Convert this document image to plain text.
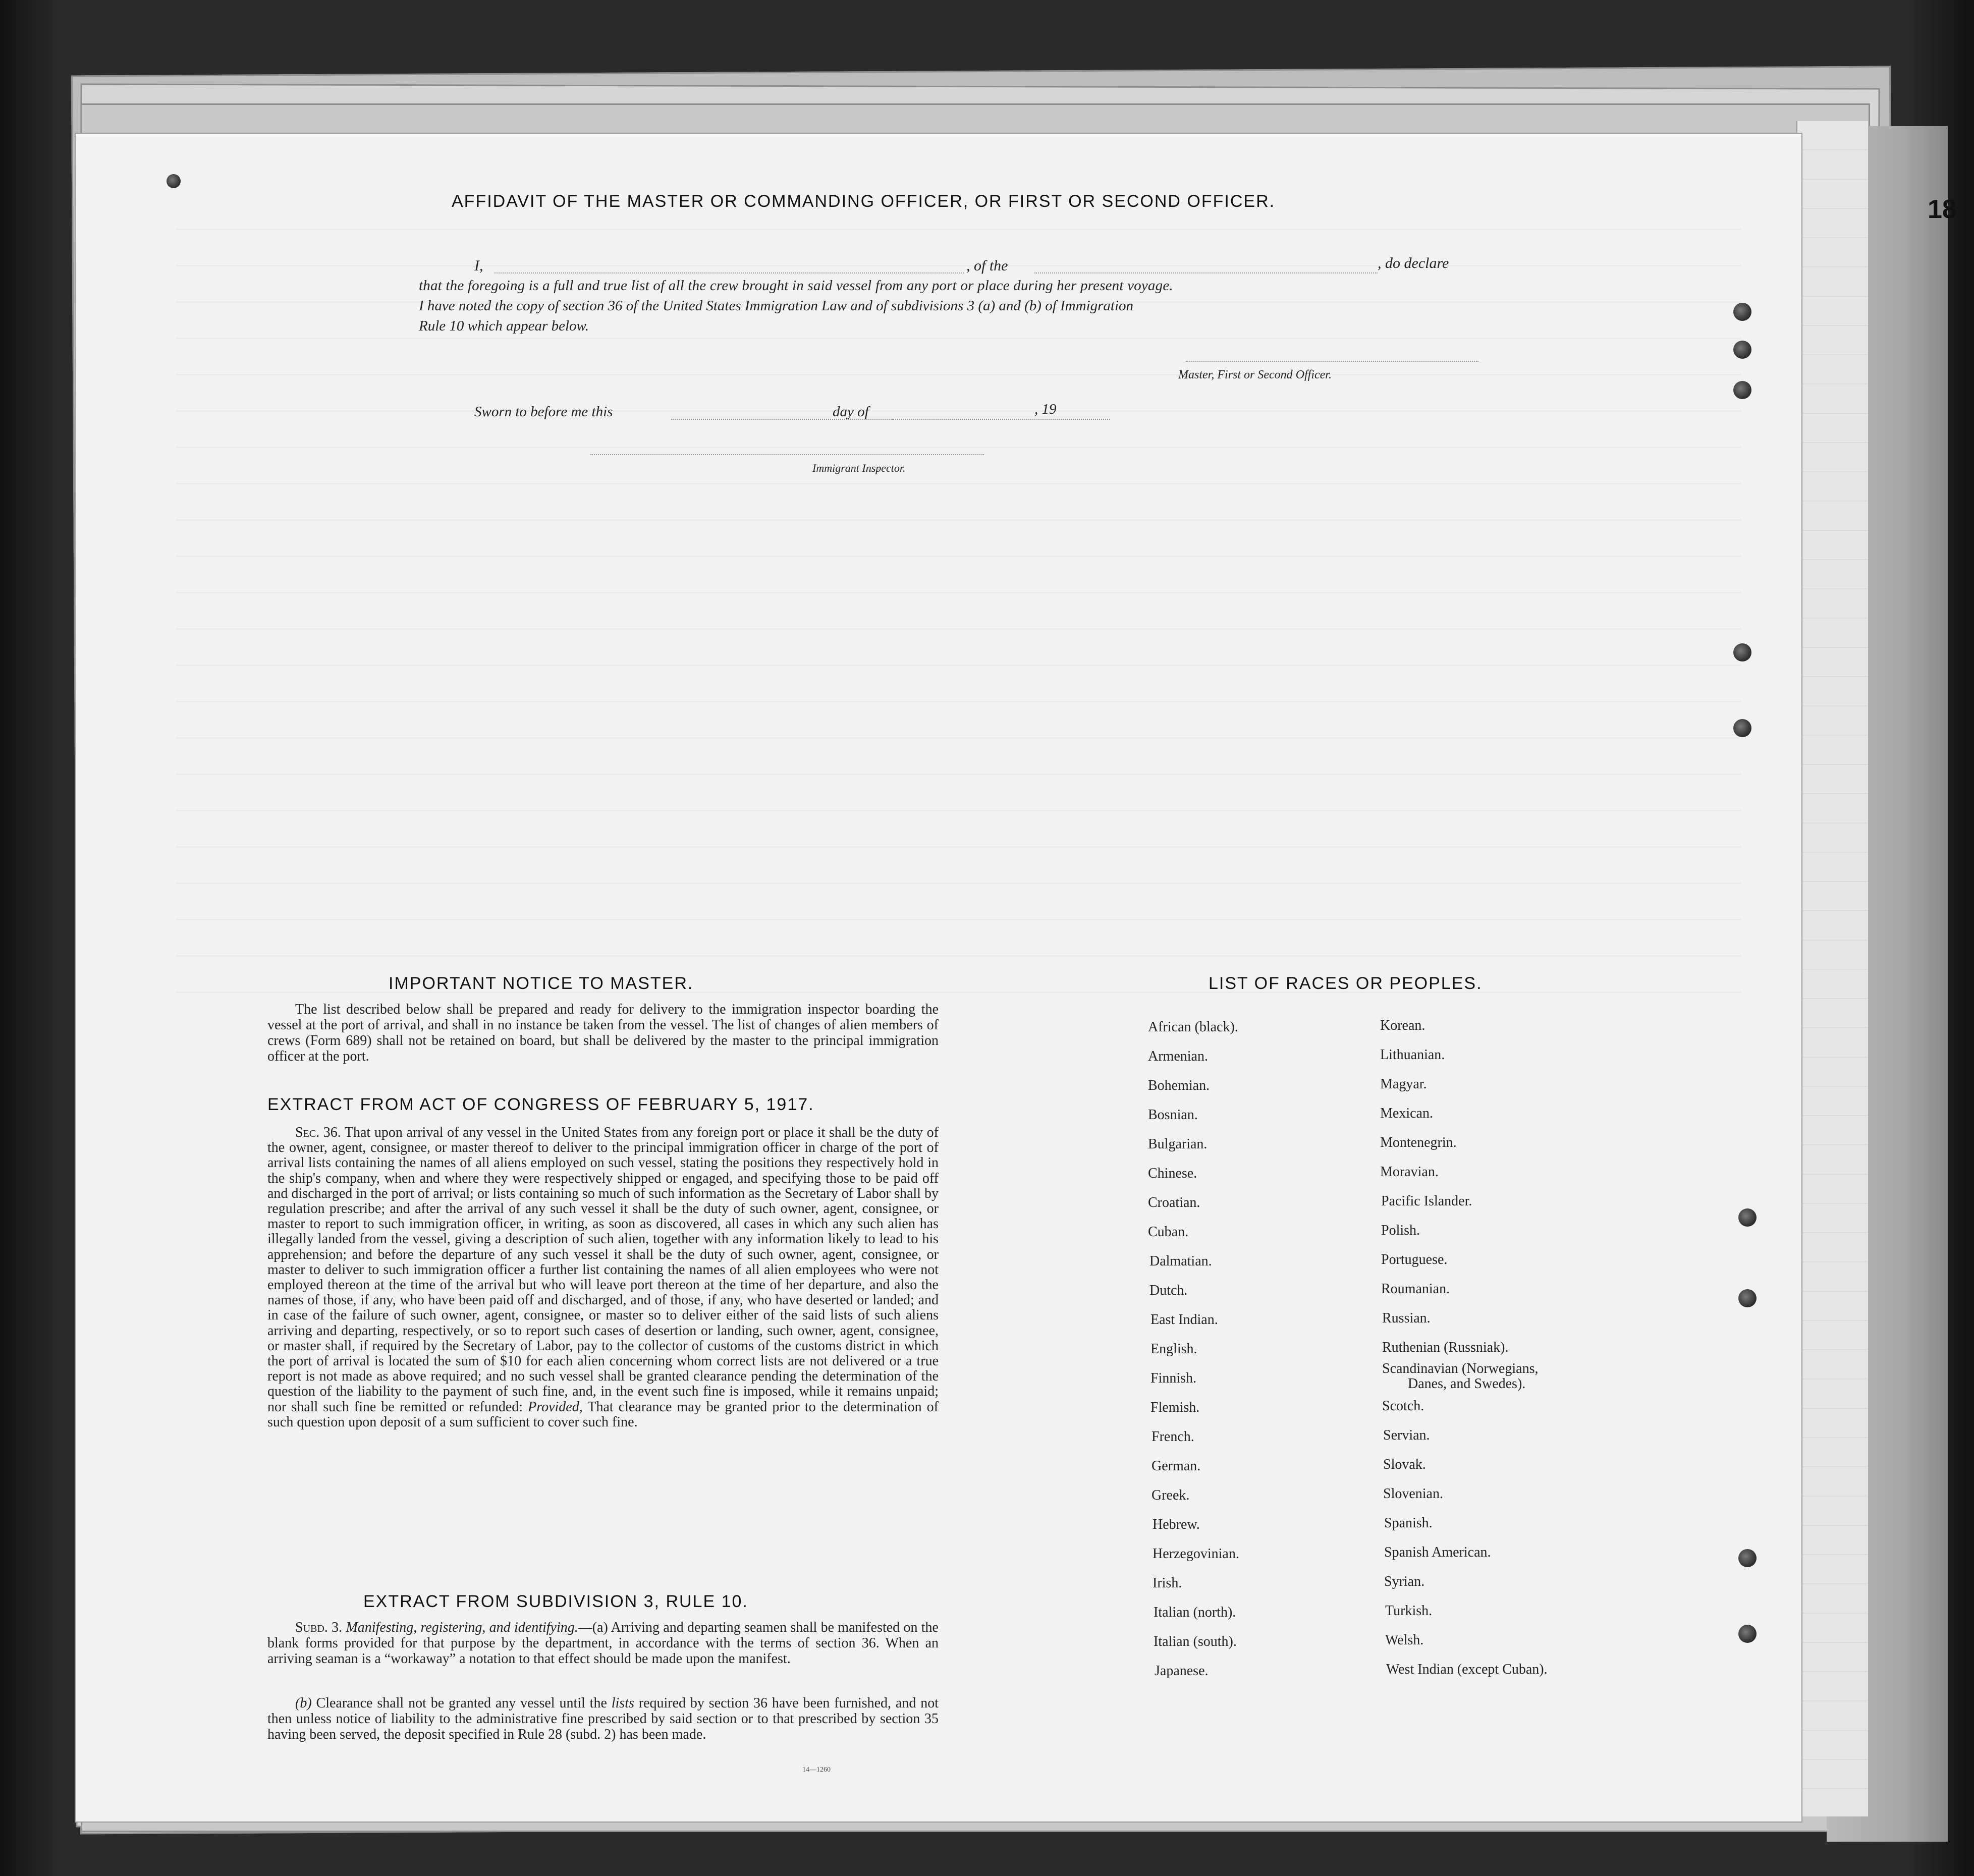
18
AFFIDAVIT OF THE MASTER OR COMMANDING OFFICER, OR FIRST OR SECOND OFFICER.
I,	, of the	, do declare
that the foregoing is a full and true list of all the crew brought in said vessel from any port or place during her present voyage.
I have noted the copy of section 36 of the United States Immigration Law and of subdivisions 3 (a) and (b) of Immigration
Rule 10 which appear below.
Master, First or Second Officer.
Sworn to before me this	day of	, 19
Immigrant Inspector.
IMPORTANT NOTICE TO MASTER.
The list described below shall be prepared and ready for delivery to the immigration inspector boarding the vessel at the port of arrival, and shall in no instance be taken from the vessel. The list of changes of alien members of crews (Form 689) shall not be retained on board, but shall be delivered by the master to the principal immigration officer at the port.
EXTRACT FROM ACT OF CONGRESS OF FEBRUARY 5, 1917.
Sec. 36. That upon arrival of any vessel in the United States from any foreign port or place it shall be the duty of the owner, agent, consignee, or master thereof to deliver to the principal immigration officer in charge of the port of arrival lists containing the names of all aliens employed on such vessel, stating the positions they respectively hold in the ship's company, when and where they were respectively shipped or engaged, and specifying those to be paid off and discharged in the port of arrival; or lists containing so much of such information as the Secretary of Labor shall by regulation prescribe; and after the arrival of any such vessel it shall be the duty of such owner, agent, consignee, or master to report to such immigration officer, in writing, as soon as discovered, all cases in which any such alien has illegally landed from the vessel, giving a description of such alien, together with any information likely to lead to his apprehension; and before the departure of any such vessel it shall be the duty of such owner, agent, consignee, or master to deliver to such immigration officer a further list containing the names of all alien employees who were not employed thereon at the time of the arrival but who will leave port thereon at the time of her departure, and also the names of those, if any, who have been paid off and discharged, and of those, if any, who have deserted or landed; and in case of the failure of such owner, agent, consignee, or master so to deliver either of the said lists of such aliens arriving and departing, respectively, or so to report such cases of desertion or landing, such owner, agent, consignee, or master shall, if required by the Secretary of Labor, pay to the collector of customs of the customs district in which the port of arrival is located the sum of $10 for each alien concerning whom correct lists are not delivered or a true report is not made as above required; and no such vessel shall be granted clearance pending the determination of the question of the liability to the payment of such fine, and, in the event such fine is imposed, while it remains unpaid; nor shall such fine be remitted or refunded: Provided, That clearance may be granted prior to the determination of such question upon deposit of a sum sufficient to cover such fine.
EXTRACT FROM SUBDIVISION 3, RULE 10.
Subd. 3. Manifesting, registering, and identifying.—(a) Arriving and departing seamen shall be manifested on the blank forms provided for that purpose by the department, in accordance with the terms of section 36. When an arriving seaman is a “workaway” a notation to that effect should be made upon the manifest.
(b) Clearance shall not be granted any vessel until the lists required by section 36 have been furnished, and not then unless notice of liability to the administrative fine prescribed by said section or to that prescribed by section 35 having been served, the deposit specified in Rule 28 (subd. 2) has been made.
14—1260
LIST OF RACES OR PEOPLES.
African (black).
Armenian.
Bohemian.
Bosnian.
Bulgarian.
Chinese.
Croatian.
Cuban.
Dalmatian.
Dutch.
East Indian.
English.
Finnish.
Flemish.
French.
German.
Greek.
Hebrew.
Herzegovinian.
Irish.
Italian (north).
Italian (south).
Japanese.
Korean.
Lithuanian.
Magyar.
Mexican.
Montenegrin.
Moravian.
Pacific Islander.
Polish.
Portuguese.
Roumanian.
Russian.
Ruthenian (Russniak).
Scandinavian (Norwegians,
Danes, and Swedes).
Scotch.
Servian.
Slovak.
Slovenian.
Spanish.
Spanish American.
Syrian.
Turkish.
Welsh.
West Indian (except Cuban).
